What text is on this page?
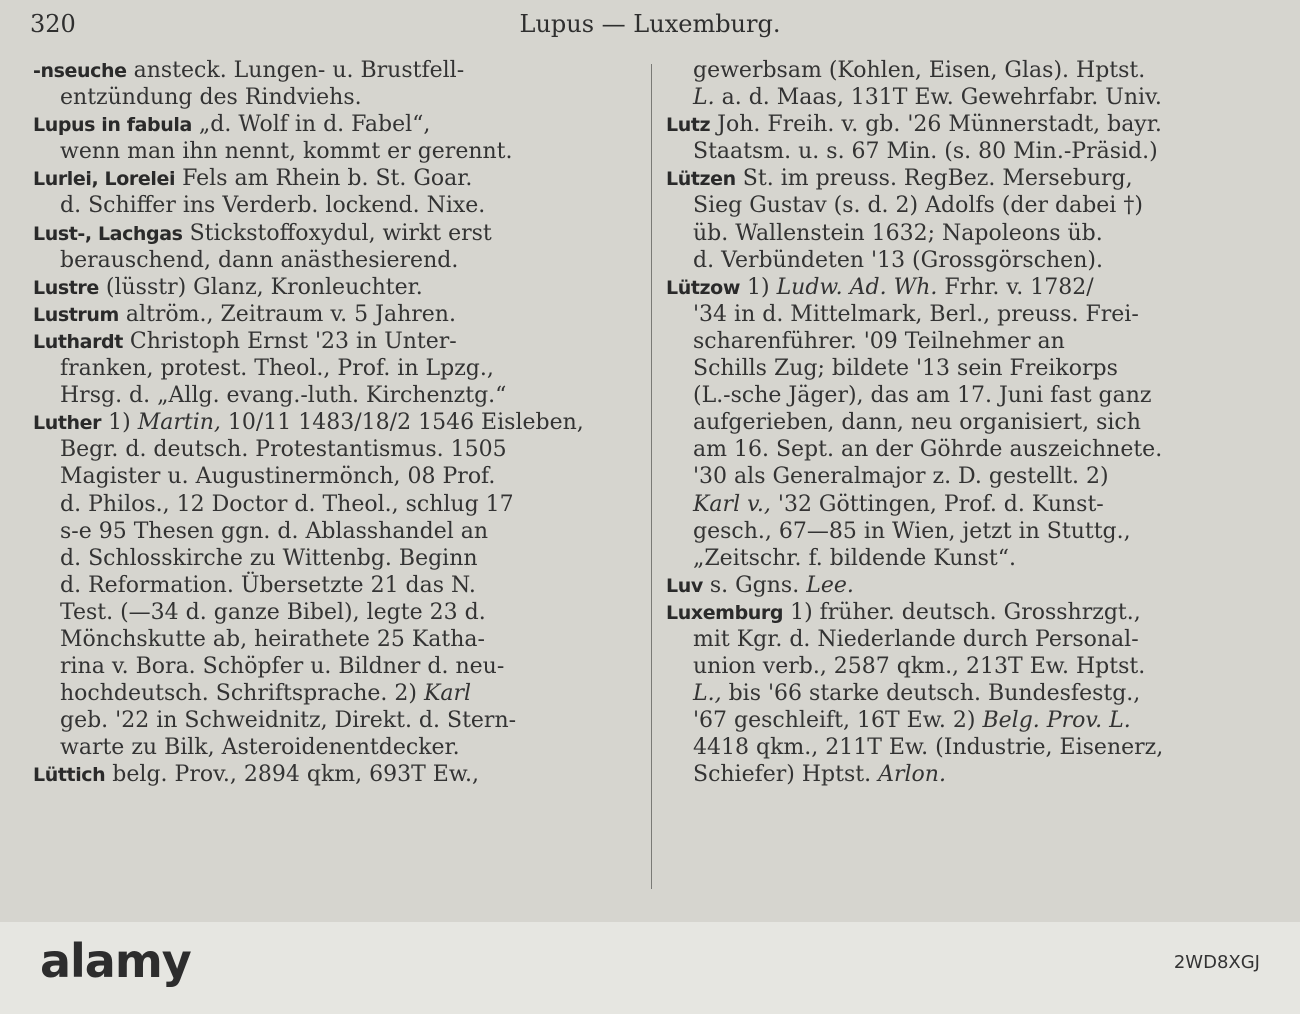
320	Lupus — Luxemburg.
-nseuche ansteck. Lungen- u. Brustfell-
entzündung des Rindviehs.
Lupus in fabula „d. Wolf in d. Fabel“,
wenn man ihn nennt, kommt er gerennt.
Lurlei, Lorelei Fels am Rhein b. St. Goar.
d. Schiffer ins Verderb. lockend. Nixe.
Lust-, Lachgas Stickstoffoxydul, wirkt erst
berauschend, dann anästhesierend.
Lustre (lüsstr) Glanz, Kronleuchter.
Lustrum altröm., Zeitraum v. 5 Jahren.
Luthardt Christoph Ernst '23 in Unter-
franken, protest. Theol., Prof. in Lpzg.,
Hrsg. d. „Allg. evang.-luth. Kirchenztg.“
Luther 1) Martin, 10/11 1483/18/2 1546 Eisleben,
Begr. d. deutsch. Protestantismus. 1505
Magister u. Augustinermönch, 08 Prof.
d. Philos., 12 Doctor d. Theol., schlug 17
s-e 95 Thesen ggn. d. Ablasshandel an
d. Schlosskirche zu Wittenbg. Beginn
d. Reformation. Übersetzte 21 das N.
Test. (—34 d. ganze Bibel), legte 23 d.
Mönchskutte ab, heirathete 25 Katha-
rina v. Bora. Schöpfer u. Bildner d. neu-
hochdeutsch. Schriftsprache. 2) Karl
geb. '22 in Schweidnitz, Direkt. d. Stern-
warte zu Bilk, Asteroidenentdecker.
Lüttich belg. Prov., 2894 qkm, 693T Ew.,
gewerbsam (Kohlen, Eisen, Glas). Hptst.
L. a. d. Maas, 131T Ew. Gewehrfabr. Univ.
Lutz Joh. Freih. v. gb. '26 Münnerstadt, bayr.
Staatsm. u. s. 67 Min. (s. 80 Min.-Präsid.)
Lützen St. im preuss. RegBez. Merseburg,
Sieg Gustav (s. d. 2) Adolfs (der dabei †)
üb. Wallenstein 1632; Napoleons üb.
d. Verbündeten '13 (Grossgörschen).
Lützow 1) Ludw. Ad. Wh. Frhr. v. 1782/
'34 in d. Mittelmark, Berl., preuss. Frei-
scharenführer. '09 Teilnehmer an
Schills Zug; bildete '13 sein Freikorps
(L.-sche Jäger), das am 17. Juni fast ganz
aufgerieben, dann, neu organisiert, sich
am 16. Sept. an der Göhrde auszeichnete.
'30 als Generalmajor z. D. gestellt. 2)
Karl v., '32 Göttingen, Prof. d. Kunst-
gesch., 67—85 in Wien, jetzt in Stuttg.,
„Zeitschr. f. bildende Kunst“.
Luv s. Ggns. Lee.
Luxemburg 1) früher. deutsch. Grosshrzgt.,
mit Kgr. d. Niederlande durch Personal-
union verb., 2587 qkm., 213T Ew. Hptst.
L., bis '66 starke deutsch. Bundesfestg.,
'67 geschleift, 16T Ew. 2) Belg. Prov. L.
4418 qkm., 211T Ew. (Industrie, Eisenerz,
Schiefer) Hptst. Arlon.
alamy	2WD8XGJ
